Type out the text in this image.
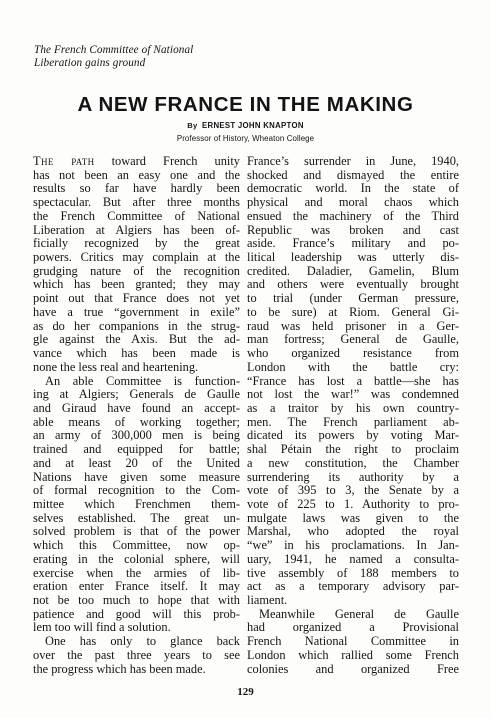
The French Committee of National
Liberation gains ground
A NEW FRANCE IN THE MAKING
By ERNEST JOHN KNAPTON
Professor of History, Wheaton College
The path toward French unity
has not been an easy one and the
results so far have hardly been
spectacular. But after three months
the French Committee of National
Liberation at Algiers has been of-
ficially recognized by the great
powers. Critics may complain at the
grudging nature of the recognition
which has been granted; they may
point out that France does not yet
have a true “government in exile”
as do her companions in the strug-
gle against the Axis. But the ad-
vance which has been made is
none the less real and heartening.
An able Committee is function-
ing at Algiers; Generals de Gaulle
and Giraud have found an accept-
able means of working together;
an army of 300,000 men is being
trained and equipped for battle;
and at least 20 of the United
Nations have given some measure
of formal recognition to the Com-
mittee which Frenchmen them-
selves established. The great un-
solved problem is that of the power
which this Committee, now op-
erating in the colonial sphere, will
exercise when the armies of lib-
eration enter France itself. It may
not be too much to hope that with
patience and good will this prob-
lem too will find a solution.
One has only to glance back
over the past three years to see
the progress which has been made.
France’s surrender in June, 1940,
shocked and dismayed the entire
democratic world. In the state of
physical and moral chaos which
ensued the machinery of the Third
Republic was broken and cast
aside. France’s military and po-
litical leadership was utterly dis-
credited. Daladier, Gamelin, Blum
and others were eventually brought
to trial (under German pressure,
to be sure) at Riom. General Gi-
raud was held prisoner in a Ger-
man fortress; General de Gaulle,
who organized resistance from
London with the battle cry:
“France has lost a battle—she has
not lost the war!” was condemned
as a traitor by his own country-
men. The French parliament ab-
dicated its powers by voting Mar-
shal Pétain the right to proclaim
a new constitution, the Chamber
surrendering its authority by a
vote of 395 to 3, the Senate by a
vote of 225 to 1. Authority to pro-
mulgate laws was given to the
Marshal, who adopted the royal
“we” in his proclamations. In Jan-
uary, 1941, he named a consulta-
tive assembly of 188 members to
act as a temporary advisory par-
liament.
Meanwhile General de Gaulle
had organized a Provisional
French National Committee in
London which rallied some French
colonies and organized Free
129
